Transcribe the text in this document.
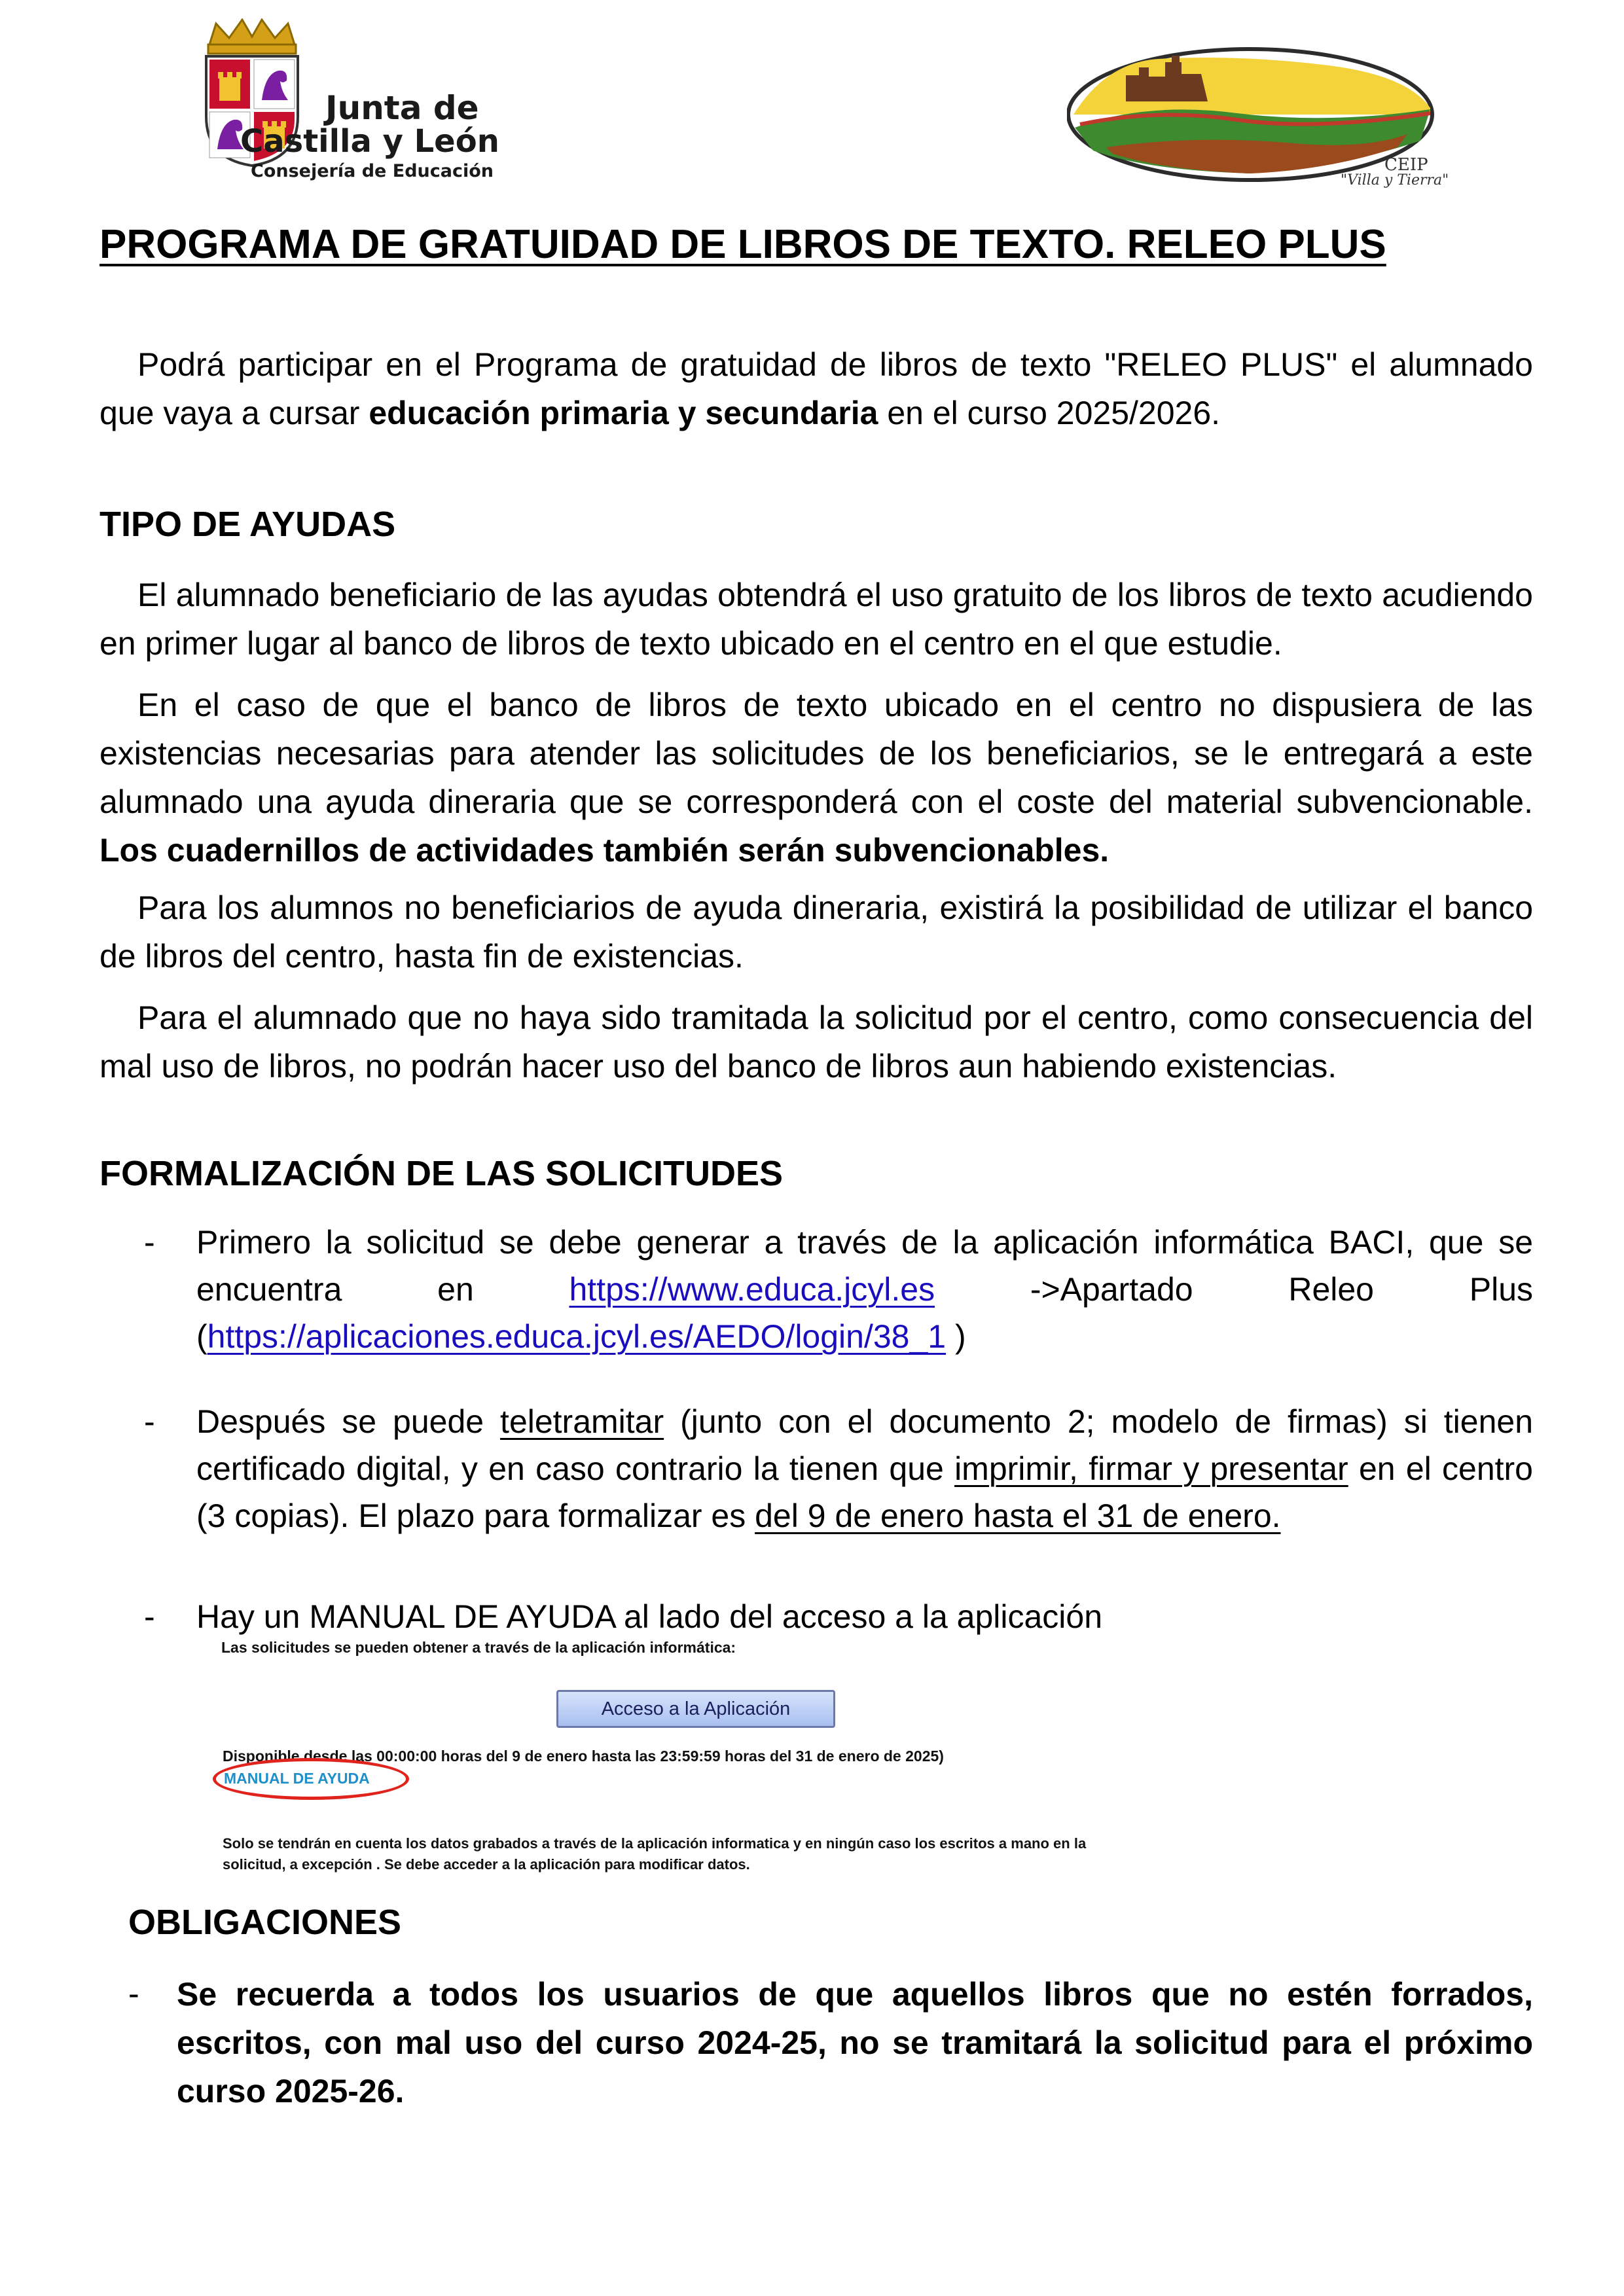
Junta de
Castilla y León
Consejería de Educación	CEIP
"Villa y Tierra"
PROGRAMA DE GRATUIDAD DE LIBROS DE TEXTO. RELEO PLUS
Podrá participar en el Programa de gratuidad de libros de texto "RELEO PLUS" el alumnado que vaya a cursar educación primaria y secundaria en el curso 2025/2026.
TIPO DE AYUDAS
El alumnado beneficiario de las ayudas obtendrá el uso gratuito de los libros de texto acudiendo en primer lugar al banco de libros de texto ubicado en el centro en el que estudie.
En el caso de que el banco de libros de texto ubicado en el centro no dispusiera de las existencias necesarias para atender las solicitudes de los beneficiarios, se le entregará a este alumnado una ayuda dineraria que se corresponderá con el coste del material subvencionable. Los cuadernillos de actividades también serán subvencionables.
Para los alumnos no beneficiarios de ayuda dineraria, existirá la posibilidad de utilizar el banco de libros del centro, hasta fin de existencias.
Para el alumnado que no haya sido tramitada la solicitud por el centro, como consecuencia del mal uso de libros, no podrán hacer uso del banco de libros aun habiendo existencias.
FORMALIZACIÓN DE LAS SOLICITUDES
- Primero la solicitud se debe generar a través de la aplicación informática BACI, que se encuentra en https://www.educa.jcyl.es ->Apartado Releo Plus (https://aplicaciones.educa.jcyl.es/AEDO/login/38_1 )
- Después se puede teletramitar (junto con el documento 2; modelo de firmas) si tienen certificado digital, y en caso contrario la tienen que imprimir, firmar y presentar en el centro (3 copias). El plazo para formalizar es del 9 de enero hasta el 31 de enero.
- Hay un MANUAL DE AYUDA al lado del acceso a la aplicación
Las solicitudes se pueden obtener a través de la aplicación informática:
Acceso a la Aplicación
Disponible desde las 00:00:00 horas del 9 de enero hasta las 23:59:59 horas del 31 de enero de 2025)
MANUAL DE AYUDA
Solo se tendrán en cuenta los datos grabados a través de la aplicación informatica y en ningún caso los escritos a mano en la
solicitud, a excepción . Se debe acceder a la aplicación para modificar datos.
OBLIGACIONES
- Se recuerda a todos los usuarios de que aquellos libros que no estén forrados, escritos, con mal uso del curso 2024-25, no se tramitará la solicitud para el próximo curso 2025-26.
